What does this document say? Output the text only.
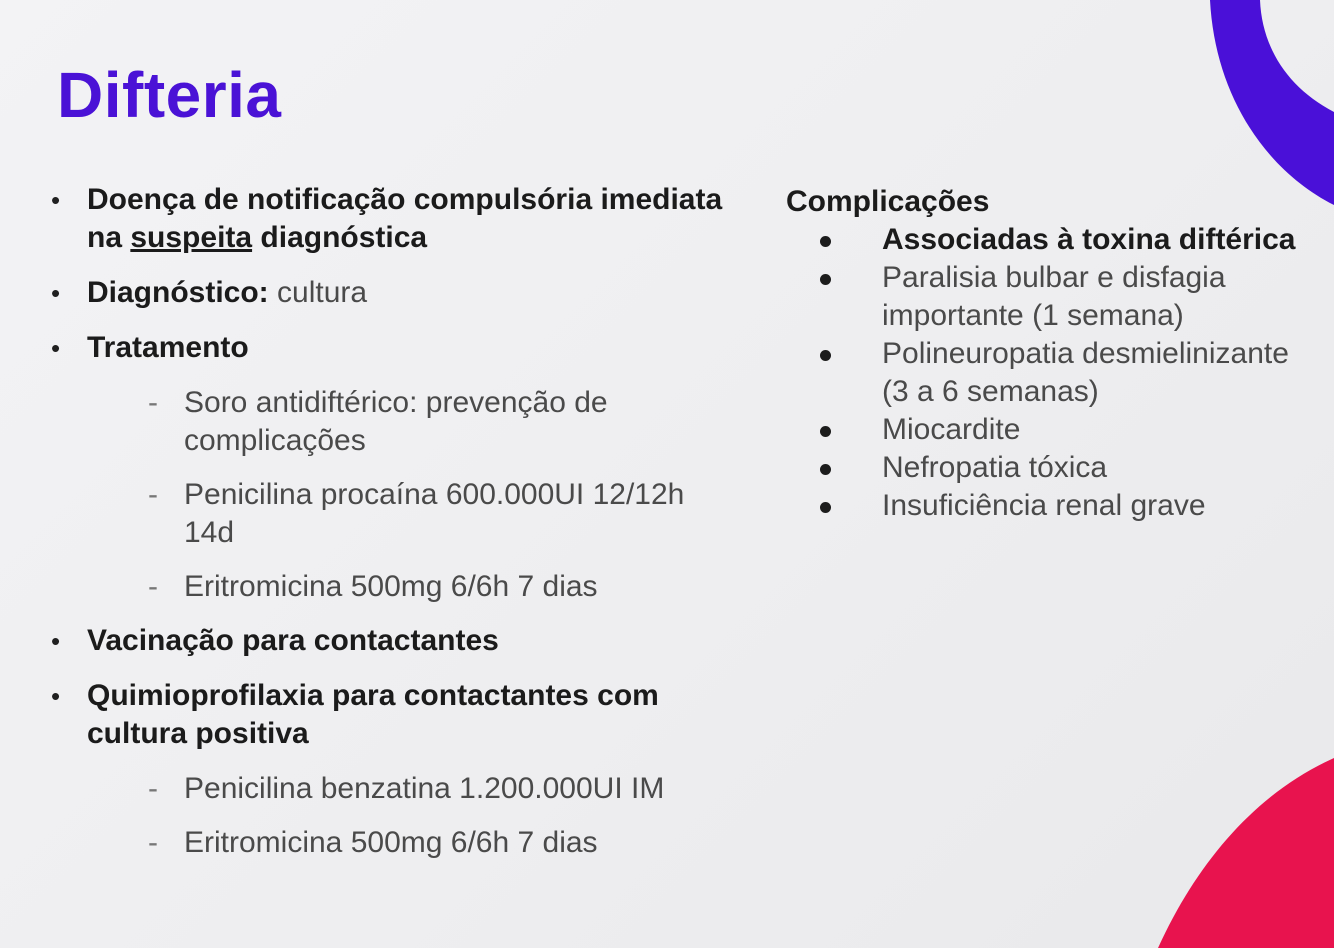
Difteria
• Doença de notificação compulsória imediata na suspeita diagnóstica
• Diagnóstico: cultura
• Tratamento
- Soro antidiftérico: prevenção de complicações
- Penicilina procaína 600.000UI 12/12h 14d
- Eritromicina 500mg 6/6h 7 dias
• Vacinação para contactantes
• Quimioprofilaxia para contactantes com cultura positiva
- Penicilina benzatina 1.200.000UI IM
- Eritromicina 500mg 6/6h 7 dias
Complicações
Associadas à toxina diftérica
Paralisia bulbar e disfagia importante (1 semana)
Polineuropatia desmielinizante (3 a 6 semanas)
Miocardite
Nefropatia tóxica
Insuficiência renal grave
